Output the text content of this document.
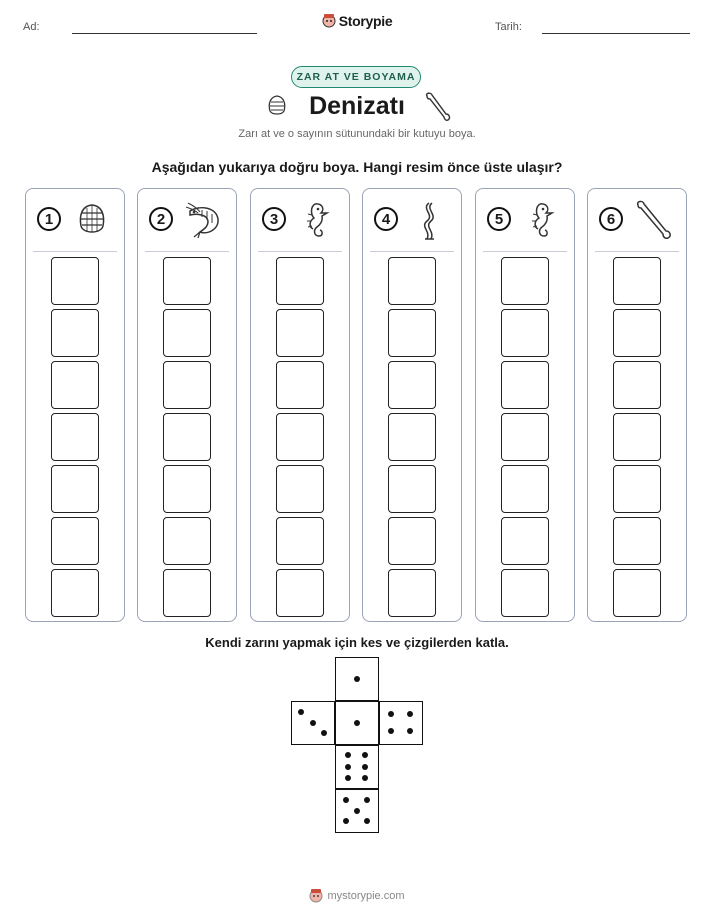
Ad:	Storypie	Tarih:
ZAR AT VE BOYAMA
Denizatı
Zarı at ve o sayının sütunundaki bir kutuyu boya.
Aşağıdan yukarıya doğru boya. Hangi resim önce üste ulaşır?
1	2	3	4	5	6
Kendi zarını yapmak için kes ve çizgilerden katla.
mystorypie.com
